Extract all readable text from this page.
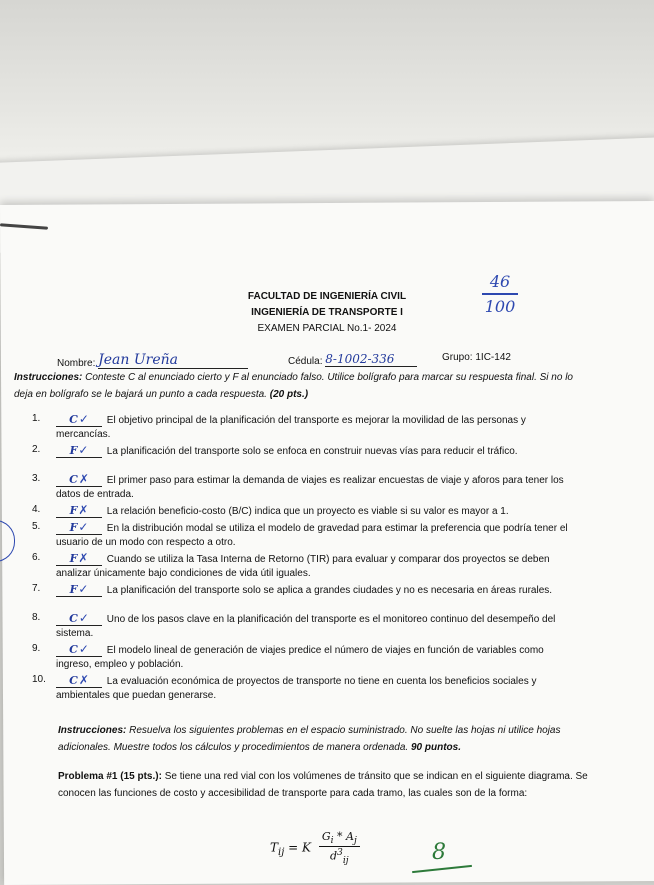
FACULTAD DE INGENIERÍA CIVIL
INGENIERÍA DE TRANSPORTE I
EXAMEN PARCIAL No.1- 2024
46
100
Nombre: Jean Ureña	Cédula: 8-1002-336	Grupo: 1IC-142
Instrucciones: Conteste C al enunciado cierto y F al enunciado falso. Utilice bolígrafo para marcar su respuesta final. Si no lo deja en bolígrafo se le bajará un punto a cada respuesta. (20 pts.)
1.	C✓ El objetivo principal de la planificación del transporte es mejorar la movilidad de las personas y mercancías.
2.	F✓ La planificación del transporte solo se enfoca en construir nuevas vías para reducir el tráfico.
3.	C✗ El primer paso para estimar la demanda de viajes es realizar encuestas de viaje y aforos para tener los datos de entrada.
4.	F✗ La relación beneficio-costo (B/C) indica que un proyecto es viable si su valor es mayor a 1.
5.	F✓ En la distribución modal se utiliza el modelo de gravedad para estimar la preferencia que podría tener el usuario de un modo con respecto a otro.
6.	F✗ Cuando se utiliza la Tasa Interna de Retorno (TIR) para evaluar y comparar dos proyectos se deben analizar únicamente bajo condiciones de vida útil iguales.
7.	F✓ La planificación del transporte solo se aplica a grandes ciudades y no es necesaria en áreas rurales.
8.	C✓ Uno de los pasos clave en la planificación del transporte es el monitoreo continuo del desempeño del sistema.
9.	C✓ El modelo lineal de generación de viajes predice el número de viajes en función de variables como ingreso, empleo y población.
10. C✗ La evaluación económica de proyectos de transporte no tiene en cuenta los beneficios sociales y ambientales que puedan generarse.
Instrucciones: Resuelva los siguientes problemas en el espacio suministrado. No suelte las hojas ni utilice hojas adicionales. Muestre todos los cálculos y procedimientos de manera ordenada. 90 puntos.
Problema #1 (15 pts.): Se tiene una red vial con los volúmenes de tránsito que se indican en el siguiente diagrama. Se conocen las funciones de costo y accesibilidad de transporte para cada tramo, las cuales son de la forma:
$T_{ij} = K \frac{G_i * A_j}{d^3_{ij}}$	8
